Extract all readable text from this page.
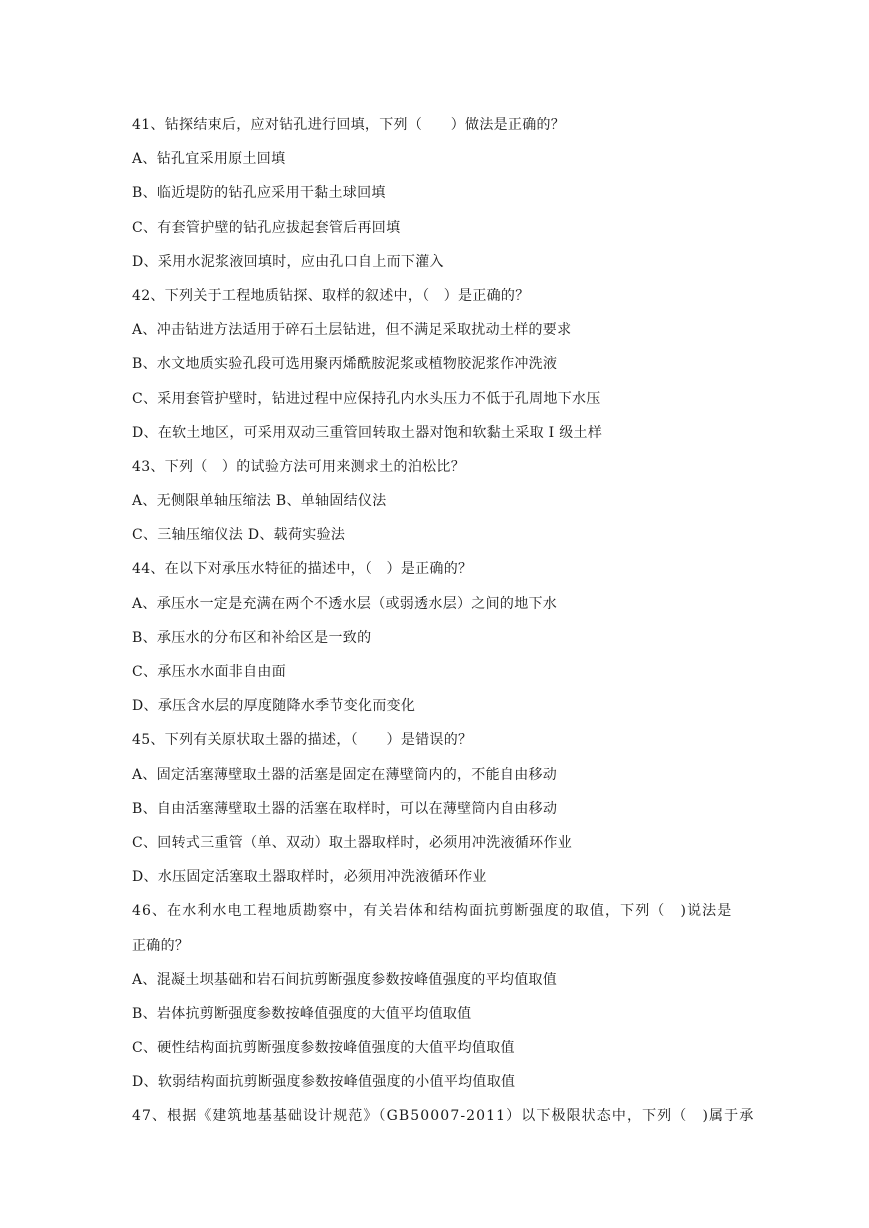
41、钻探结束后，应对钻孔进行回填，下列（　　）做法是正确的？
A、钻孔宜采用原土回填
B、临近堤防的钻孔应采用干黏土球回填
C、有套管护壁的钻孔应拔起套管后再回填
D、采用水泥浆液回填时，应由孔口自上而下灌入
42、下列关于工程地质钻探、取样的叙述中，（　）是正确的？
A、冲击钻进方法适用于碎石土层钻进，但不满足采取扰动土样的要求
B、水文地质实验孔段可选用聚丙烯酰胺泥浆或植物胶泥浆作冲洗液
C、采用套管护壁时，钻进过程中应保持孔内水头压力不低于孔周地下水压
D、在软土地区，可采用双动三重管回转取土器对饱和软黏土采取 Ⅰ 级土样
43、下列（　）的试验方法可用来测求土的泊松比？
A、无侧限单轴压缩法 B、单轴固结仪法
C、三轴压缩仪法 D、载荷实验法
44、在以下对承压水特征的描述中，（　）是正确的？
A、承压水一定是充满在两个不透水层（或弱透水层）之间的地下水
B、承压水的分布区和补给区是一致的
C、承压水水面非自由面
D、承压含水层的厚度随降水季节变化而变化
45、下列有关原状取土器的描述，（　　）是错误的？
A、固定活塞薄壁取土器的活塞是固定在薄壁筒内的，不能自由移动
B、自由活塞薄壁取土器的活塞在取样时，可以在薄壁筒内自由移动
C、回转式三重管（单、双动）取土器取样时，必须用冲洗液循环作业
D、水压固定活塞取土器取样时，必须用冲洗液循环作业
46、在水利水电工程地质勘察中，有关岩体和结构面抗剪断强度的取值，下列（　)说法是
正确的？
A、混凝土坝基础和岩石间抗剪断强度参数按峰值强度的平均值取值
B、岩体抗剪断强度参数按峰值强度的大值平均值取值
C、硬性结构面抗剪断强度参数按峰值强度的大值平均值取值
D、软弱结构面抗剪断强度参数按峰值强度的小值平均值取值
47、根据《建筑地基基础设计规范》（GB50007-2011）以下极限状态中，下列（　)属于承
